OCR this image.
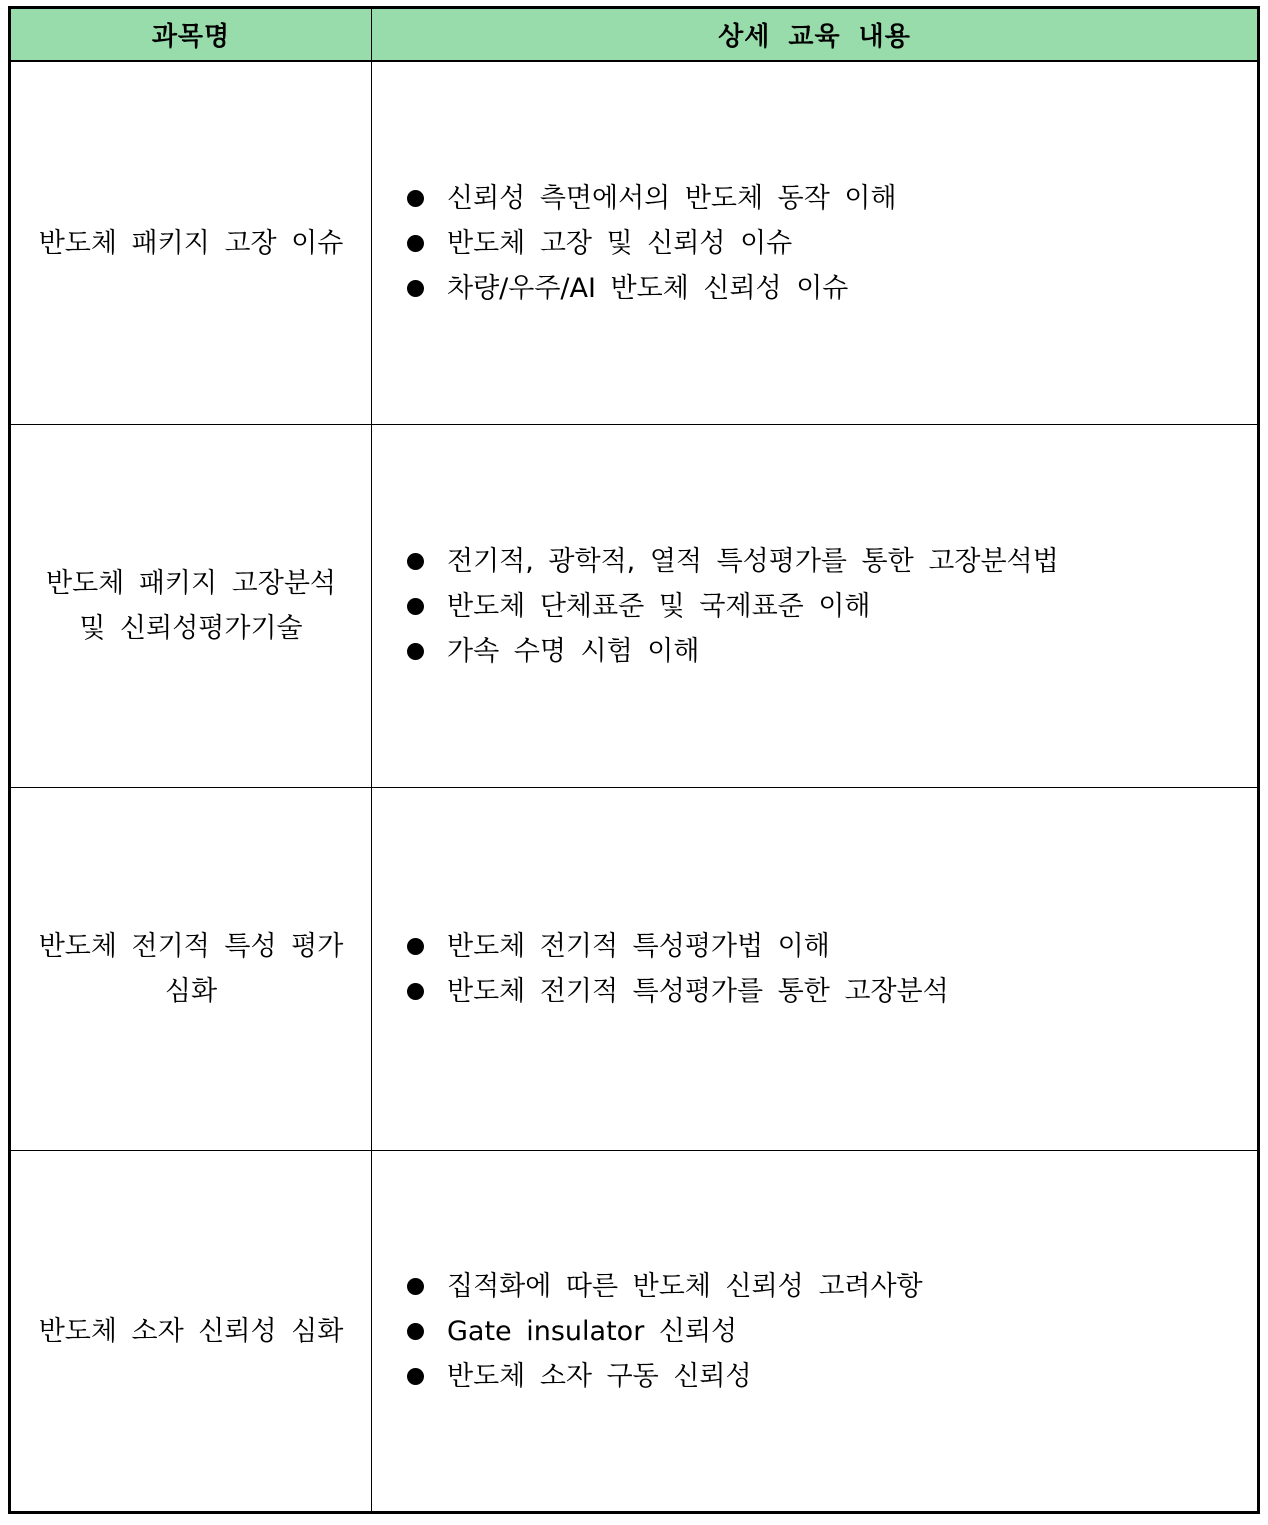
과목명	상세 교육 내용
반도체 패키지 고장 이슈
신뢰성 측면에서의 반도체 동작 이해
반도체 고장 및 신뢰성 이슈
차량/우주/AI 반도체 신뢰성 이슈
반도체 패키지 고장분석 및 신뢰성평가기술
전기적, 광학적, 열적 특성평가를 통한 고장분석법
반도체 단체표준 및 국제표준 이해
가속 수명 시험 이해
반도체 전기적 특성 평가 심화
반도체 전기적 특성평가법 이해
반도체 전기적 특성평가를 통한 고장분석
반도체 소자 신뢰성 심화
집적화에 따른 반도체 신뢰성 고려사항
Gate insulator 신뢰성
반도체 소자 구동 신뢰성
